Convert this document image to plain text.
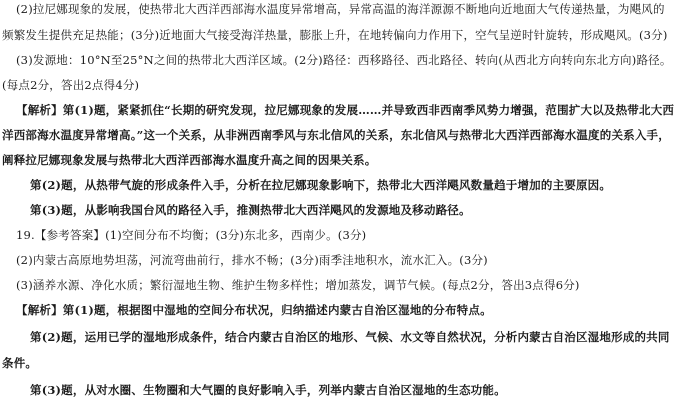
(2)拉尼娜现象的发展，使热带北大西洋西部海水温度异常增高，异常高温的海洋源源不断地向近地面大气传递热量，为飓风的
频繁发生提供充足热能；(3分)近地面大气接受海洋热量，膨胀上升，在地转偏向力作用下，空气呈逆时针旋转，形成飓风。(3分)
(3)发源地：10°N至25°N之间的热带北大西洋区域。(2分)路径：西移路径、西北路径、转向(从西北方向转向东北方向)路径。
(每点2分，答出2点得4分)
【解析】第(1)题，紧紧抓住“长期的研究发现，拉尼娜现象的发展……并导致西非西南季风势力增强，范围扩大以及热带北大西
洋西部海水温度异常增高。”这一个关系，从非洲西南季风与东北信风的关系，东北信风与热带北大西洋西部海水温度的关系入手，
阐释拉尼娜现象发展与热带北大西洋西部海水温度升高之间的因果关系。
第(2)题，从热带气旋的形成条件入手，分析在拉尼娜现象影响下，热带北大西洋飓风数量趋于增加的主要原因。
第(3)题，从影响我国台风的路径入手，推测热带北大西洋飓风的发源地及移动路径。
19.【参考答案】(1)空间分布不均衡；(3分)东北多，西南少。(3分)
(2)内蒙古高原地势坦荡，河流弯曲前行，排水不畅；(3分)雨季洼地积水，流水汇入。(3分)
(3)涵养水源、净化水质；繁衍湿地生物、维护生物多样性；增加蒸发，调节气候。(每点2分，答出3点得6分)
【解析】第(1)题，根据图中湿地的空间分布状况，归纳描述内蒙古自治区湿地的分布特点。
第(2)题，运用已学的湿地形成条件，结合内蒙古自治区的地形、气候、水文等自然状况，分析内蒙古自治区湿地形成的共同
条件。
第(3)题，从对水圈、生物圈和大气圈的良好影响入手，列举内蒙古自治区湿地的生态功能。
